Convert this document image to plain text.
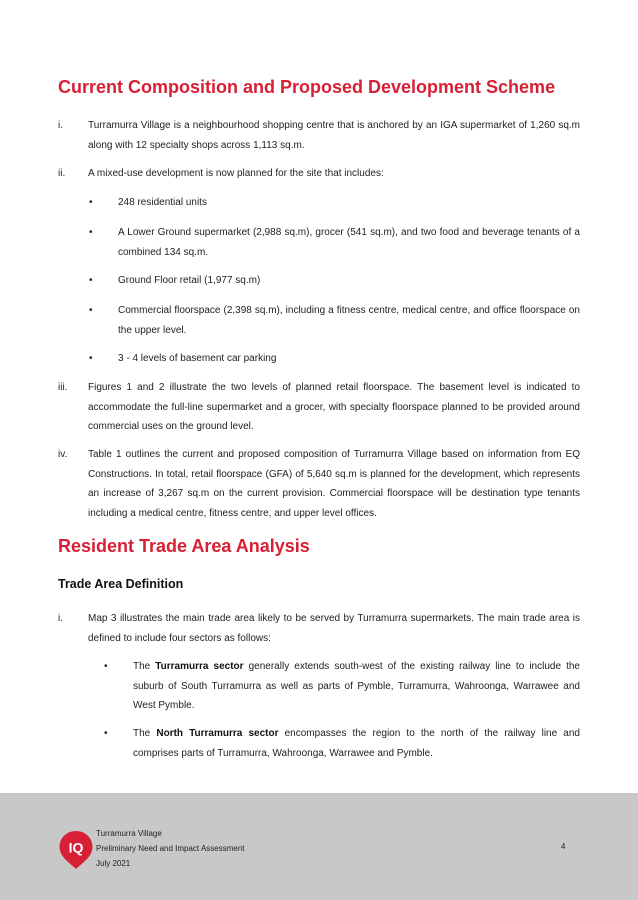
Current Composition and Proposed Development Scheme
i.	Turramurra Village is a neighbourhood shopping centre that is anchored by an IGA supermarket of 1,260 sq.m along with 12 specialty shops across 1,113 sq.m.
ii. A mixed-use development is now planned for the site that includes:
•	248 residential units
•	A Lower Ground supermarket (2,988 sq.m), grocer (541 sq.m), and two food and beverage tenants of a combined 134 sq.m.
•	Ground Floor retail (1,977 sq.m)
•	Commercial floorspace (2,398 sq.m), including a fitness centre, medical centre, and office floorspace on the upper level.
•	3 - 4 levels of basement car parking
iii. Figures 1 and 2 illustrate the two levels of planned retail floorspace. The basement level is indicated to accommodate the full-line supermarket and a grocer, with specialty floorspace planned to be provided around commercial uses on the ground level.
iv. Table 1 outlines the current and proposed composition of Turramurra Village based on information from EQ Constructions. In total, retail floorspace (GFA) of 5,640 sq.m is planned for the development, which represents an increase of 3,267 sq.m on the current provision. Commercial floorspace will be destination type tenants including a medical centre, fitness centre, and upper level offices.
Resident Trade Area Analysis
Trade Area Definition
i.	Map 3 illustrates the main trade area likely to be served by Turramurra supermarkets. The main trade area is defined to include four sectors as follows:
•	The Turramurra sector generally extends south-west of the existing railway line to include the suburb of South Turramurra as well as parts of Pymble, Turramurra, Wahroonga, Warrawee and West Pymble.
•	The North Turramurra sector encompasses the region to the north of the railway line and comprises parts of Turramurra, Wahroonga, Warrawee and Pymble.
IQ
Turramurra Village
Preliminary Need and Impact Assessment
July 2021
4
